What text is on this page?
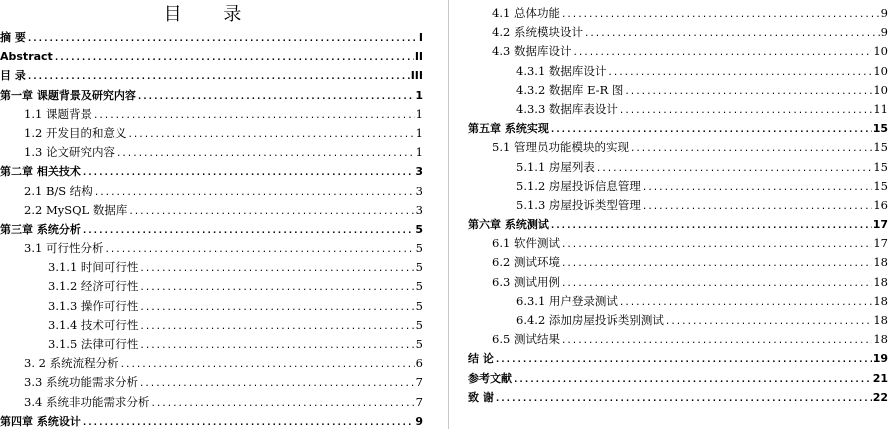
目 录
摘 要 .....	I
Abstract .....	II
目 录 .....	III
第一章 课题背景及研究内容 .....	1
1.1 课题背景 .....	1
1.2 开发目的和意义 .....	1
1.3 论文研究内容 .....	1
第二章 相关技术 .....	3
2.1 B/S 结构 .....	3
2.2 MySQL 数据库 .....	3
第三章 系统分析 .....	5
3.1 可行性分析 .....	5
3.1.1 时间可行性 .....	5
3.1.2 经济可行性 .....	5
3.1.3 操作可行性 .....	5
3.1.4 技术可行性 .....	5
3.1.5 法律可行性 .....	5
3. 2 系统流程分析 .....	6
3.3 系统功能需求分析 .....	7
3.4 系统非功能需求分析 .....	7
第四章 系统设计 .....	9
4.1 总体功能 .....	9
4.2 系统模块设计 .....	9
4.3 数据库设计 .....	10
4.3.1 数据库设计 .....	10
4.3.2 数据库 E-R 图 .....	10
4.3.3 数据库表设计 .....	11
第五章 系统实现 .....	15
5.1 管理员功能模块的实现 .....	15
5.1.1 房屋列表 .....	15
5.1.2 房屋投诉信息管理 .....	15
5.1.3 房屋投诉类型管理 .....	16
第六章 系统测试 .....	17
6.1 软件测试 .....	17
6.2 测试环境 .....	18
6.3 测试用例 .....	18
6.3.1 用户登录测试 .....	18
6.4.2 添加房屋投诉类别测试 .....	18
6.5 测试结果 .....	18
结 论 .....	19
参考文献 .....	21
致 谢 .....	22
